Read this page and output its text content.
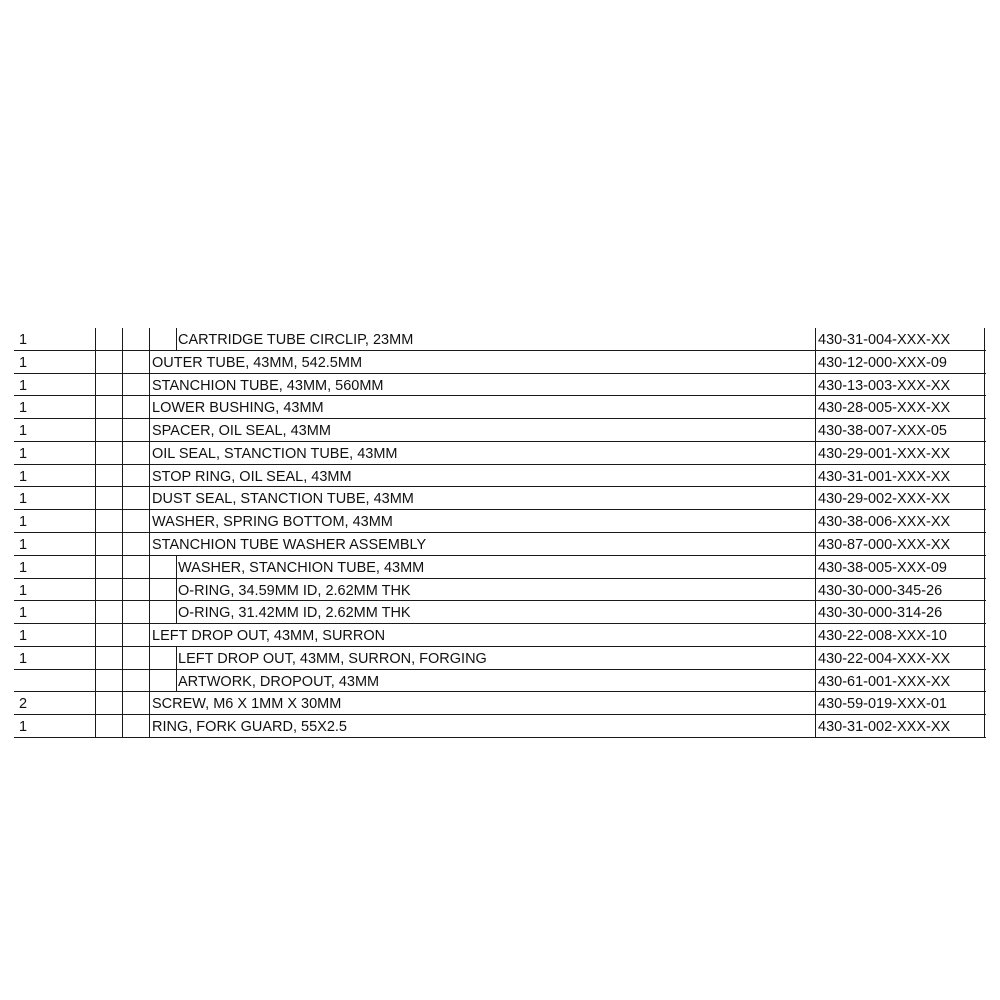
1	CARTRIDGE TUBE CIRCLIP, 23MM	430-31-004-XXX-XX
1	OUTER TUBE, 43MM, 542.5MM	430-12-000-XXX-09
1	STANCHION TUBE, 43MM, 560MM	430-13-003-XXX-XX
1	LOWER BUSHING, 43MM	430-28-005-XXX-XX
1	SPACER, OIL SEAL, 43MM	430-38-007-XXX-05
1	OIL SEAL, STANCTION TUBE, 43MM	430-29-001-XXX-XX
1	STOP RING, OIL SEAL, 43MM	430-31-001-XXX-XX
1	DUST SEAL, STANCTION TUBE, 43MM	430-29-002-XXX-XX
1	WASHER, SPRING BOTTOM, 43MM	430-38-006-XXX-XX
1	STANCHION TUBE WASHER ASSEMBLY	430-87-000-XXX-XX
1	WASHER, STANCHION TUBE, 43MM	430-38-005-XXX-09
1	O-RING, 34.59MM ID, 2.62MM THK	430-30-000-345-26
1	O-RING, 31.42MM ID, 2.62MM THK	430-30-000-314-26
1	LEFT DROP OUT, 43MM, SURRON	430-22-008-XXX-10
1	LEFT DROP OUT, 43MM, SURRON, FORGING	430-22-004-XXX-XX
ARTWORK, DROPOUT, 43MM	430-61-001-XXX-XX
2	SCREW, M6 X 1MM X 30MM	430-59-019-XXX-01
1	RING, FORK GUARD, 55X2.5	430-31-002-XXX-XX
